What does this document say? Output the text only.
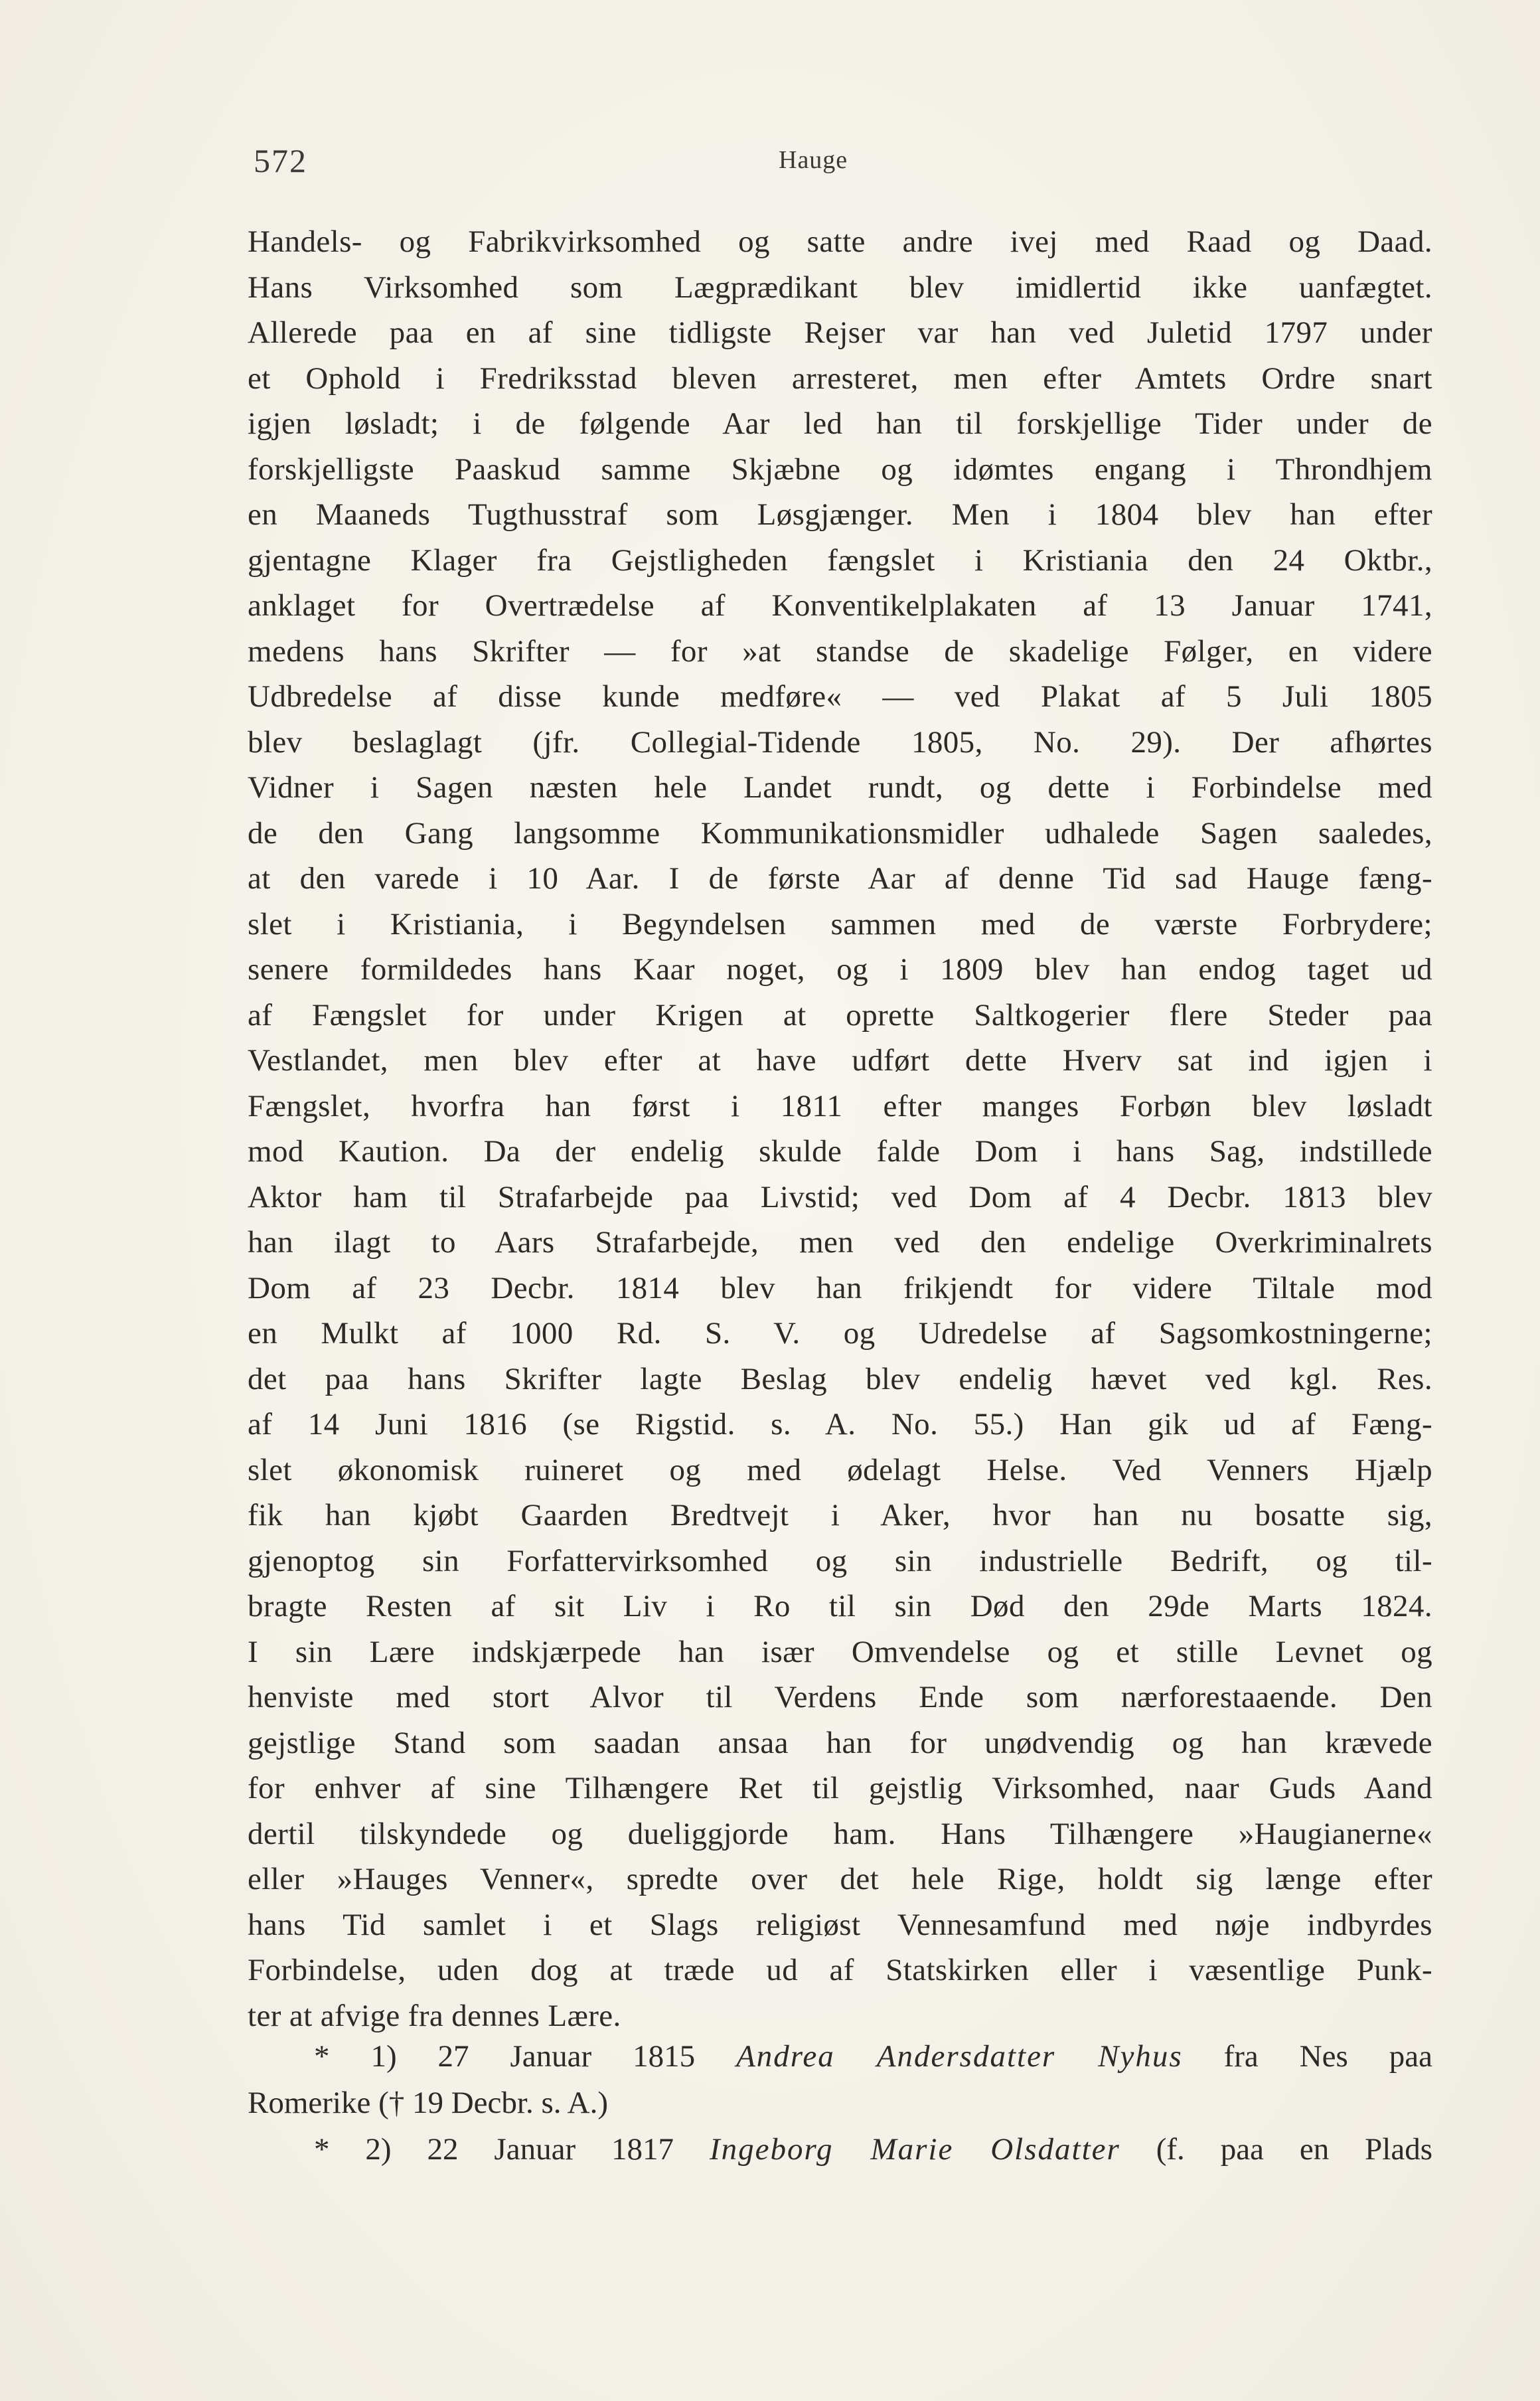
572	Hauge
Handels- og Fabrikvirksomhed og satte andre ivej med Raad og Daad.
Hans Virksomhed som Lægprædikant blev imidlertid ikke uanfægtet.
Allerede paa en af sine tidligste Rejser var han ved Juletid 1797 under
et Ophold i Fredriksstad bleven arresteret, men efter Amtets Ordre snart
igjen løsladt; i de følgende Aar led han til forskjellige Tider under de
forskjelligste Paaskud samme Skjæbne og idømtes engang i Throndhjem
en Maaneds Tugthusstraf som Løsgjænger. Men i 1804 blev han efter
gjentagne Klager fra Gejstligheden fængslet i Kristiania den 24 Oktbr.,
anklaget for Overtrædelse af Konventikelplakaten af 13 Januar 1741,
medens hans Skrifter — for »at standse de skadelige Følger, en videre
Udbredelse af disse kunde medføre« — ved Plakat af 5 Juli 1805
blev beslaglagt (jfr. Collegial-Tidende 1805, No. 29). Der afhørtes
Vidner i Sagen næsten hele Landet rundt, og dette i Forbindelse med
de den Gang langsomme Kommunikationsmidler udhalede Sagen saaledes,
at den varede i 10 Aar. I de første Aar af denne Tid sad Hauge fæng-
slet i Kristiania, i Begyndelsen sammen med de værste Forbrydere;
senere formildedes hans Kaar noget, og i 1809 blev han endog taget ud
af Fængslet for under Krigen at oprette Saltkogerier flere Steder paa
Vestlandet, men blev efter at have udført dette Hverv sat ind igjen i
Fængslet, hvorfra han først i 1811 efter manges Forbøn blev løsladt
mod Kaution. Da der endelig skulde falde Dom i hans Sag, indstillede
Aktor ham til Strafarbejde paa Livstid; ved Dom af 4 Decbr. 1813 blev
han ilagt to Aars Strafarbejde, men ved den endelige Overkriminalrets
Dom af 23 Decbr. 1814 blev han frikjendt for videre Tiltale mod
en Mulkt af 1000 Rd. S. V. og Udredelse af Sagsomkostningerne;
det paa hans Skrifter lagte Beslag blev endelig hævet ved kgl. Res.
af 14 Juni 1816 (se Rigstid. s. A. No. 55.) Han gik ud af Fæng-
slet økonomisk ruineret og med ødelagt Helse. Ved Venners Hjælp
fik han kjøbt Gaarden Bredtvejt i Aker, hvor han nu bosatte sig,
gjenoptog sin Forfattervirksomhed og sin industrielle Bedrift, og til-
bragte Resten af sit Liv i Ro til sin Død den 29de Marts 1824.
I sin Lære indskjærpede han især Omvendelse og et stille Levnet og
henviste med stort Alvor til Verdens Ende som nærforestaaende. Den
gejstlige Stand som saadan ansaa han for unødvendig og han krævede
for enhver af sine Tilhængere Ret til gejstlig Virksomhed, naar Guds Aand
dertil tilskyndede og dueliggjorde ham. Hans Tilhængere »Haugianerne«
eller »Hauges Venner«, spredte over det hele Rige, holdt sig længe efter
hans Tid samlet i et Slags religiøst Vennesamfund med nøje indbyrdes
Forbindelse, uden dog at træde ud af Statskirken eller i væsentlige Punk-
ter at afvige fra dennes Lære.
* 1) 27 Januar 1815 Andrea Andersdatter Nyhus fra Nes paa
Romerike († 19 Decbr. s. A.)
* 2) 22 Januar 1817 Ingeborg Marie Olsdatter (f. paa en Plads
